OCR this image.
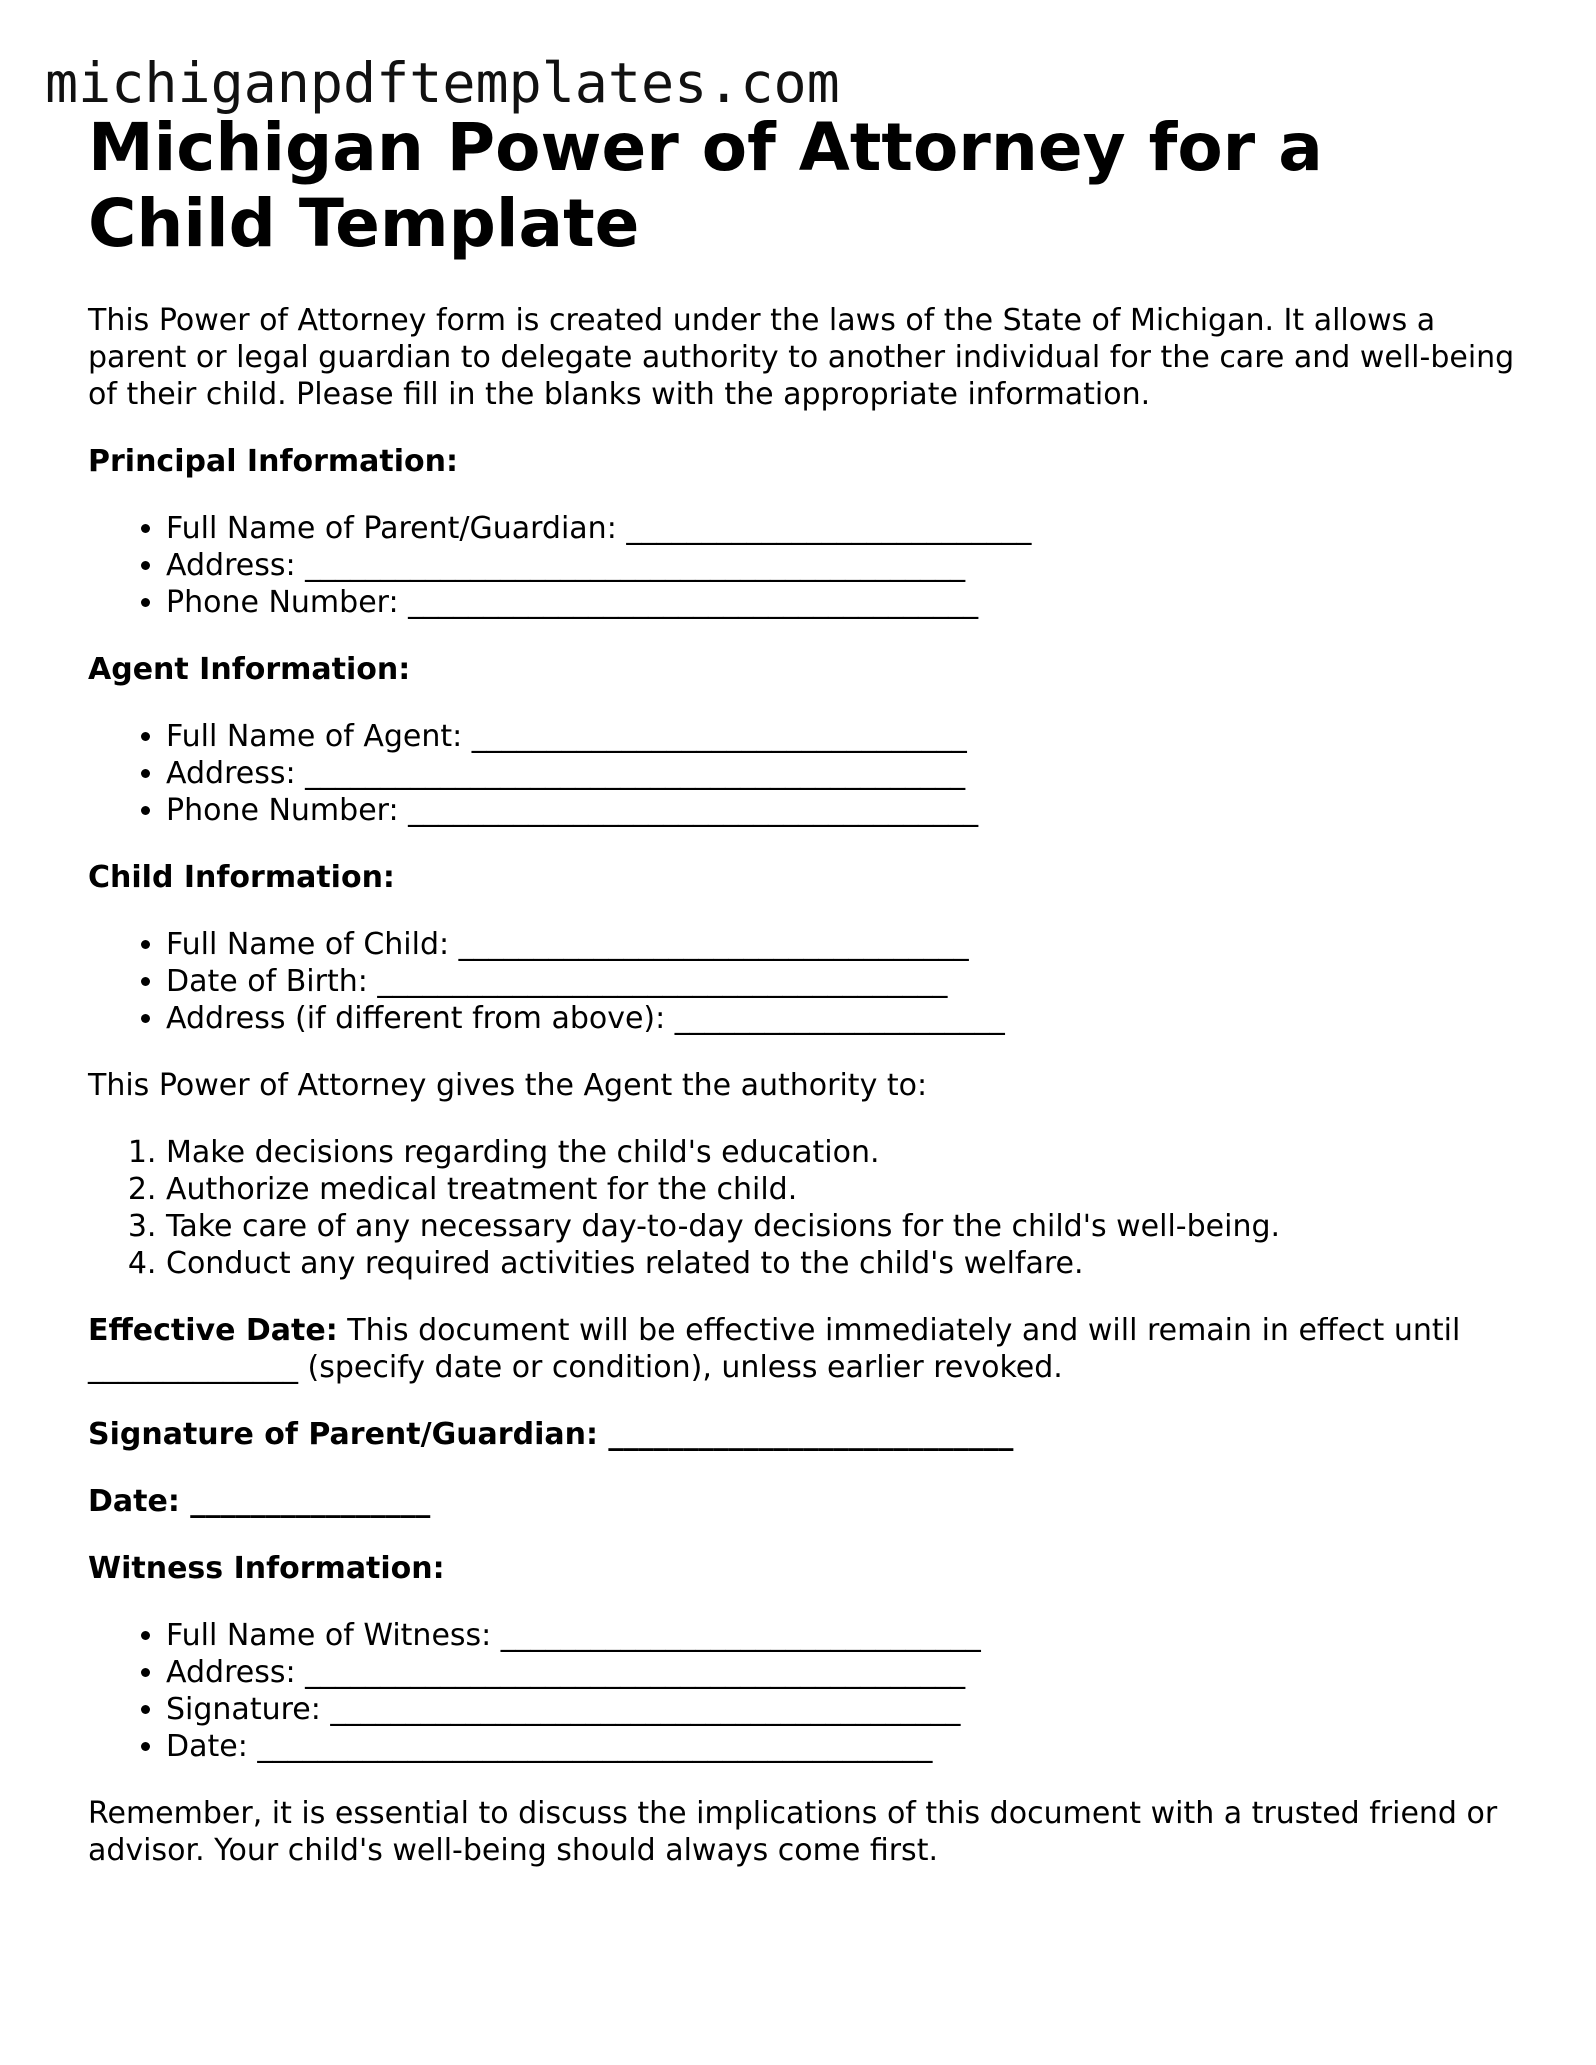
michiganpdftemplates.com
Michigan Power of Attorney for a Child Template

This Power of Attorney form is created under the laws of the State of Michigan. It allows a parent or legal guardian to delegate authority to another individual for the care and well-being of their child. Please fill in the blanks with the appropriate information.

Principal Information:
• Full Name of Parent/Guardian: ___________________________
• Address: ____________________________________________
• Phone Number: ______________________________________
Agent Information:
• Full Name of Agent: _________________________________
• Address: ____________________________________________
• Phone Number: ______________________________________
Child Information:
• Full Name of Child: __________________________________
• Date of Birth: ______________________________________
• Address (if different from above): ______________________

This Power of Attorney gives the Agent the authority to:

1. Make decisions regarding the child's education.
2. Authorize medical treatment for the child.
3. Take care of any necessary day-to-day decisions for the child's well-being.
4. Conduct any required activities related to the child's welfare.

Effective Date: This document will be effective immediately and will remain in effect until ______________ (specify date or condition), unless earlier revoked.

Signature of Parent/Guardian: ___________________________

Date: ________________

Witness Information:
• Full Name of Witness: ________________________________
• Address: ____________________________________________
• Signature: __________________________________________
• Date: _____________________________________________

Remember, it is essential to discuss the implications of this document with a trusted friend or advisor. Your child's well-being should always come first.
